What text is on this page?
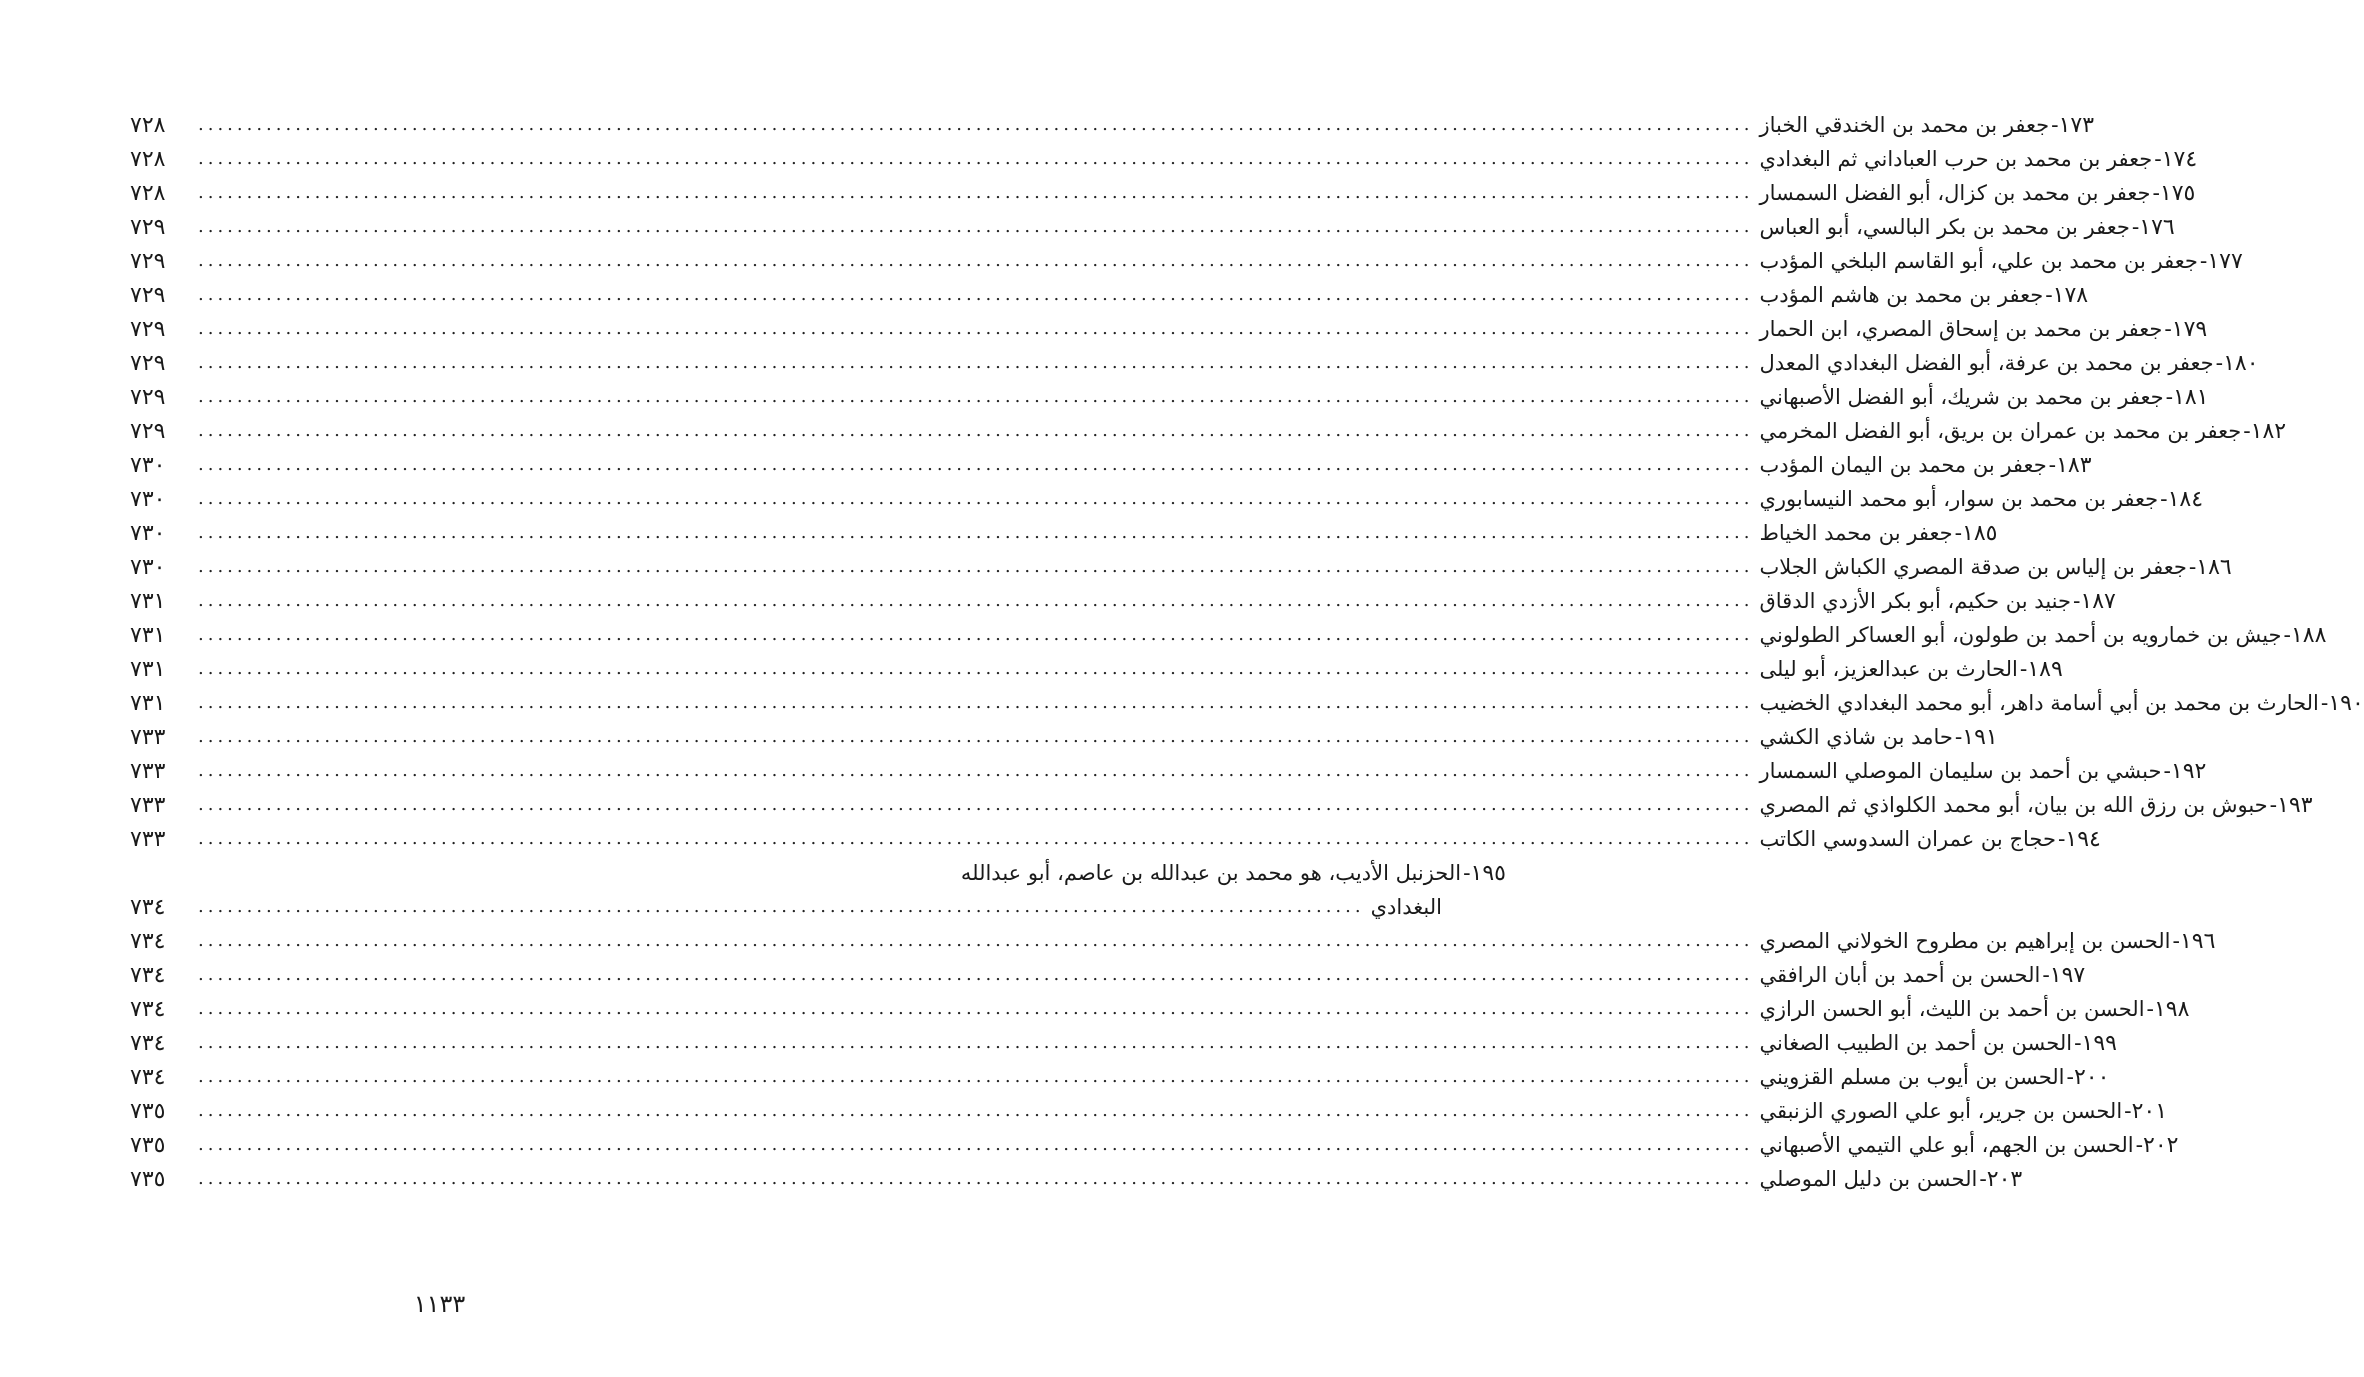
١٧٣-
جعفر بن محمد بن الخندقي الخباز
................................................................................................................................................................
٧٢٨
١٧٤-
جعفر بن محمد بن حرب العباداني ثم البغدادي
................................................................................................................................................................
٧٢٨
١٧٥-
جعفر بن محمد بن كزال، أبو الفضل السمسار
................................................................................................................................................................
٧٢٨
١٧٦-
جعفر بن محمد بن بكر البالسي، أبو العباس
................................................................................................................................................................
٧٢٩
١٧٧-
جعفر بن محمد بن علي، أبو القاسم البلخي المؤدب
................................................................................................................................................................
٧٢٩
١٧٨-
جعفر بن محمد بن هاشم المؤدب
................................................................................................................................................................
٧٢٩
١٧٩-
جعفر بن محمد بن إسحاق المصري، ابن الحمار
................................................................................................................................................................
٧٢٩
١٨٠-
جعفر بن محمد بن عرفة، أبو الفضل البغدادي المعدل
................................................................................................................................................................
٧٢٩
١٨١-
جعفر بن محمد بن شريك، أبو الفضل الأصبهاني
................................................................................................................................................................
٧٢٩
١٨٢-
جعفر بن محمد بن عمران بن بريق، أبو الفضل المخرمي
................................................................................................................................................................
٧٢٩
١٨٣-
جعفر بن محمد بن اليمان المؤدب
................................................................................................................................................................
٧٣٠
١٨٤-
جعفر بن محمد بن سوار، أبو محمد النيسابوري
................................................................................................................................................................
٧٣٠
١٨٥-
جعفر بن محمد الخياط
................................................................................................................................................................
٧٣٠
١٨٦-
جعفر بن إلياس بن صدقة المصري الكباش الجلاب
................................................................................................................................................................
٧٣٠
١٨٧-
جنيد بن حكيم، أبو بكر الأزدي الدقاق
................................................................................................................................................................
٧٣١
١٨٨-
جيش بن خمارويه بن أحمد بن طولون، أبو العساكر الطولوني
................................................................................................................................................................
٧٣١
١٨٩-
الحارث بن عبدالعزيز، أبو ليلى
................................................................................................................................................................
٧٣١
١٩٠-
الحارث بن محمد بن أبي أسامة داهر، أبو محمد البغدادي الخضيب
................................................................................................................................................................
٧٣١
١٩١-
حامد بن شاذي الكشي
................................................................................................................................................................
٧٣٣
١٩٢-
حبشي بن أحمد بن سليمان الموصلي السمسار
................................................................................................................................................................
٧٣٣
١٩٣-
حبوش بن رزق الله بن بيان، أبو محمد الكلواذي ثم المصري
................................................................................................................................................................
٧٣٣
١٩٤-
حجاج بن عمران السدوسي الكاتب
................................................................................................................................................................
٧٣٣
١٩٥-
الحزنبل الأديب، هو محمد بن عبدالله بن عاصم، أبو عبدالله
البغدادي
........................................................................................................................
٧٣٤
١٩٦-
الحسن بن إبراهيم بن مطروح الخولاني المصري
................................................................................................................................................................
٧٣٤
١٩٧-
الحسن بن أحمد بن أبان الرافقي
................................................................................................................................................................
٧٣٤
١٩٨-
الحسن بن أحمد بن الليث، أبو الحسن الرازي
................................................................................................................................................................
٧٣٤
١٩٩-
الحسن بن أحمد بن الطبيب الصغاني
................................................................................................................................................................
٧٣٤
٢٠٠-
الحسن بن أيوب بن مسلم القزويني
................................................................................................................................................................
٧٣٤
٢٠١-
الحسن بن جرير، أبو علي الصوري الزنبقي
................................................................................................................................................................
٧٣٥
٢٠٢-
الحسن بن الجهم، أبو علي التيمي الأصبهاني
................................................................................................................................................................
٧٣٥
٢٠٣-
الحسن بن دليل الموصلي
................................................................................................................................................................
٧٣٥
١١٣٣
